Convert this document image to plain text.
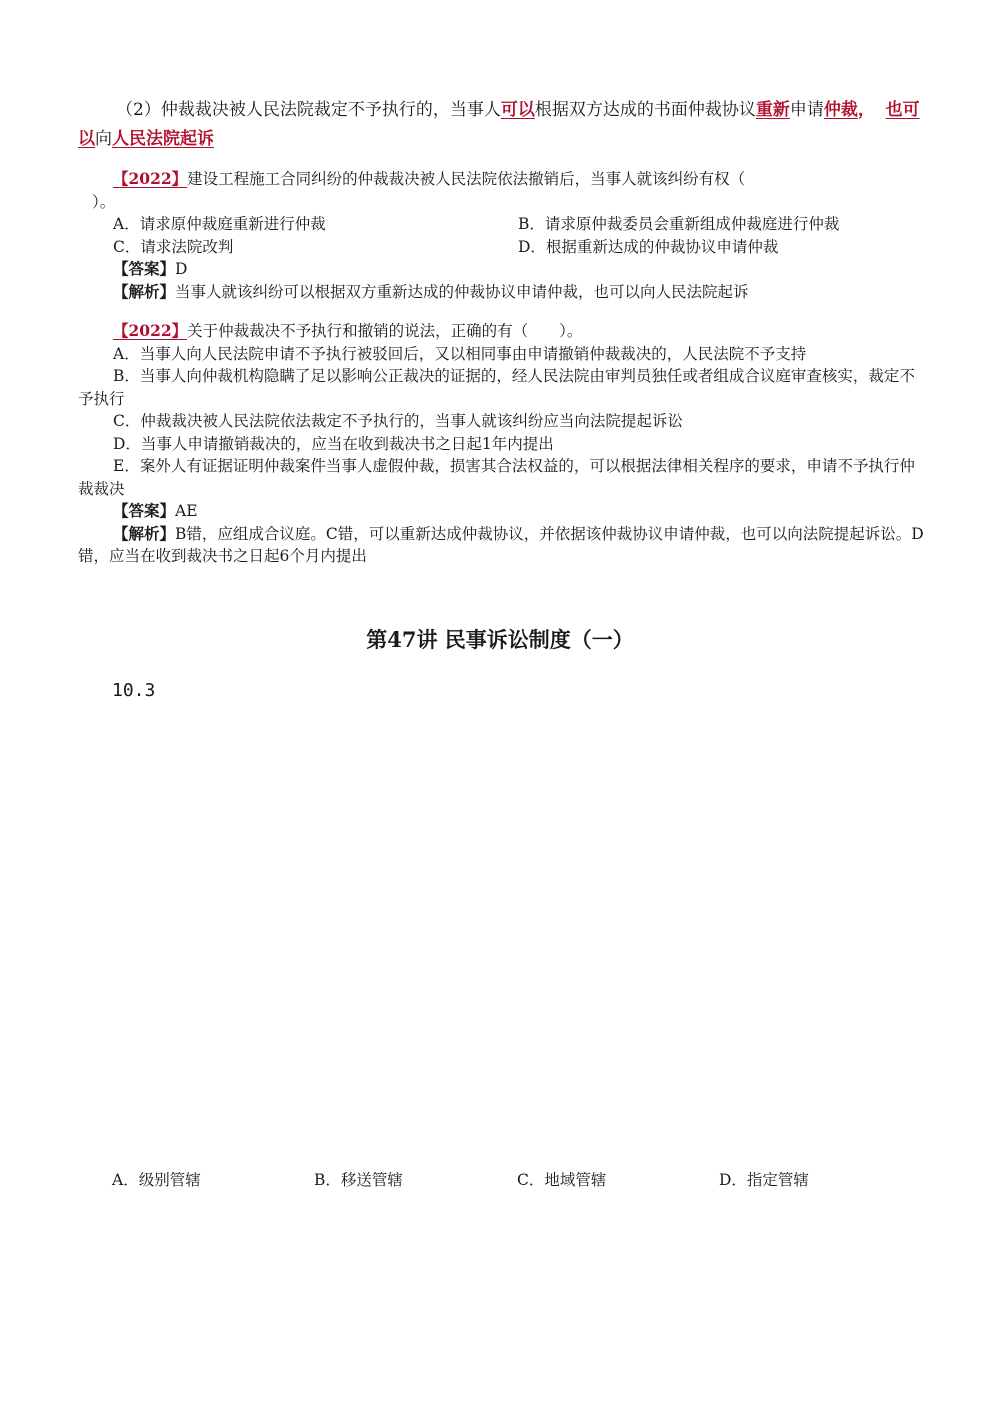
（2）仲裁裁决被人民法院裁定不予执行的，当事人可以根据双方达成的书面仲裁协议重新申请仲裁， 也可以向人民法院起诉

【2022】建设工程施工合同纠纷的仲裁裁决被人民法院依法撤销后，当事人就该纠纷有权（

）。

A．请求原仲裁庭重新进行仲裁	B．请求原仲裁委员会重新组成仲裁庭进行仲裁
C．请求法院改判	D．根据重新达成的仲裁协议申请仲裁

【答案】D

【解析】当事人就该纠纷可以根据双方重新达成的仲裁协议申请仲裁，也可以向人民法院起诉

【2022】关于仲裁裁决不予执行和撤销的说法，正确的有（　　）。

A．当事人向人民法院申请不予执行被驳回后，又以相同事由申请撤销仲裁裁决的，人民法院不予支持

B．当事人向仲裁机构隐瞒了足以影响公正裁决的证据的，经人民法院由审判员独任或者组成合议庭审查核实，裁定不予执行

C．仲裁裁决被人民法院依法裁定不予执行的，当事人就该纠纷应当向法院提起诉讼

D．当事人申请撤销裁决的，应当在收到裁决书之日起1年内提出

E．案外人有证据证明仲裁案件当事人虚假仲裁，损害其合法权益的，可以根据法律相关程序的要求，申请不予执行仲裁裁决

【答案】AE

【解析】B错，应组成合议庭。C错，可以重新达成仲裁协议，并依据该仲裁协议申请仲裁，也可以向法院提起诉讼。D错，应当在收到裁决书之日起6个月内提出

第47讲 民事诉讼制度（一）
10.3
A．级别管辖	B．移送管辖	C．地域管辖	D．指定管辖
